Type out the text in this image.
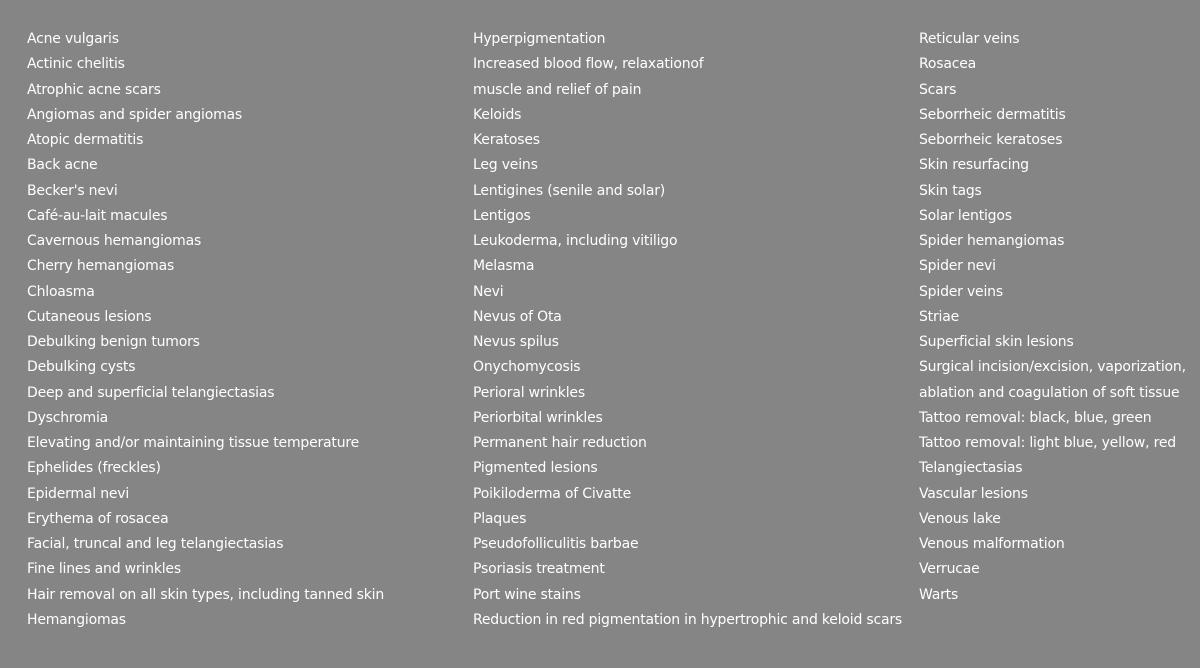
Acne vulgaris
Actinic chelitis
Atrophic acne scars
Angiomas and spider angiomas
Atopic dermatitis
Back acne
Becker's nevi
Café-au-lait macules
Cavernous hemangiomas
Cherry hemangiomas
Chloasma
Cutaneous lesions
Debulking benign tumors
Debulking cysts
Deep and superficial telangiectasias
Dyschromia
Elevating and/or maintaining tissue temperature
Ephelides (freckles)
Epidermal nevi
Erythema of rosacea
Facial, truncal and leg telangiectasias
Fine lines and wrinkles
Hair removal on all skin types, including tanned skin
Hemangiomas
Hyperpigmentation
Increased blood flow, relaxationof
muscle and relief of pain
Keloids
Keratoses
Leg veins
Lentigines (senile and solar)
Lentigos
Leukoderma, including vitiligo
Melasma
Nevi
Nevus of Ota
Nevus spilus
Onychomycosis
Perioral wrinkles
Periorbital wrinkles
Permanent hair reduction
Pigmented lesions
Poikiloderma of Civatte
Plaques
Pseudofolliculitis barbae
Psoriasis treatment
Port wine stains
Reduction in red pigmentation in hypertrophic and keloid scars
Reticular veins
Rosacea
Scars
Seborrheic dermatitis
Seborrheic keratoses
Skin resurfacing
Skin tags
Solar lentigos
Spider hemangiomas
Spider nevi
Spider veins
Striae
Superficial skin lesions
Surgical incision/excision, vaporization,
ablation and coagulation of soft tissue
Tattoo removal: black, blue, green
Tattoo removal: light blue, yellow, red
Telangiectasias
Vascular lesions
Venous lake
Venous malformation
Verrucae
Warts
